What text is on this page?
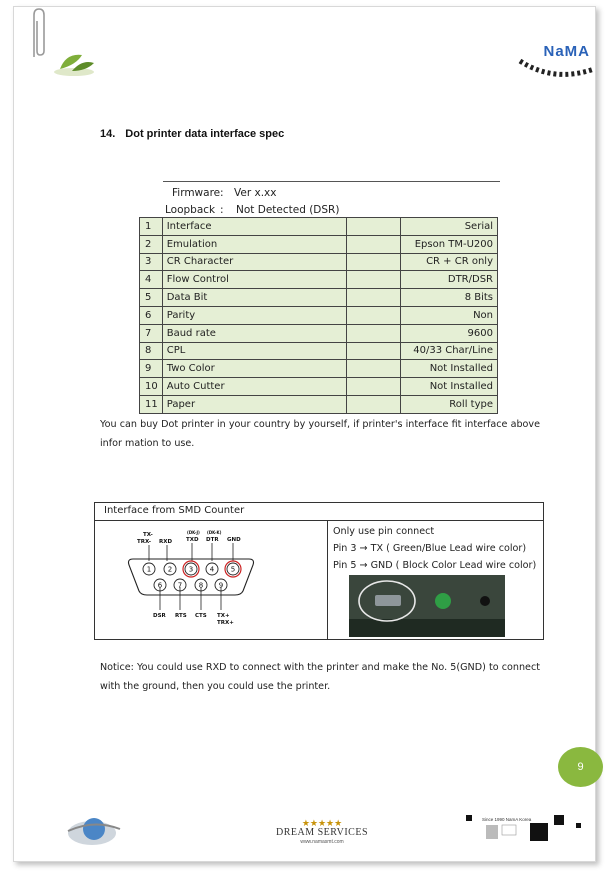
NaMA
14. Dot printer data interface spec
Firmware : Ver x.xx
Loopback : Not Detected (DSR)
1	Interface		Serial
2	Emulation		Epson TM-U200
3	CR Character		CR + CR only
4	Flow Control		DTR/DSR
5	Data Bit		8 Bits
6	Parity		Non
7	Baud rate		9600
8	CPL		40/33 Char/Line
9	Two Color		Not Installed
10	Auto Cutter		Not Installed
11	Paper		Roll type
You can buy Dot printer in your country by yourself, if printer's interface fit interface above infor mation to use.
Interface from SMD Counter
TX-
TRX- RXD
(DK-J)
TXD
(DK-K)
DTR GND
DSR RTS CTS TX+
TRX+
1 2 3 4 5
6 7 8 9
Only use pin connect
Pin 3 → TX ( Green/Blue Lead wire color)
Pin 5 → GND ( Block Color Lead wire color)
Notice: You could use RXD to connect with the printer and make the No. 5(GND) to connect with the ground, then you could use the printer.
9
★★★★★
DREAM SERVICES
www.namasmt.com
Since 1990 NamA Korea
